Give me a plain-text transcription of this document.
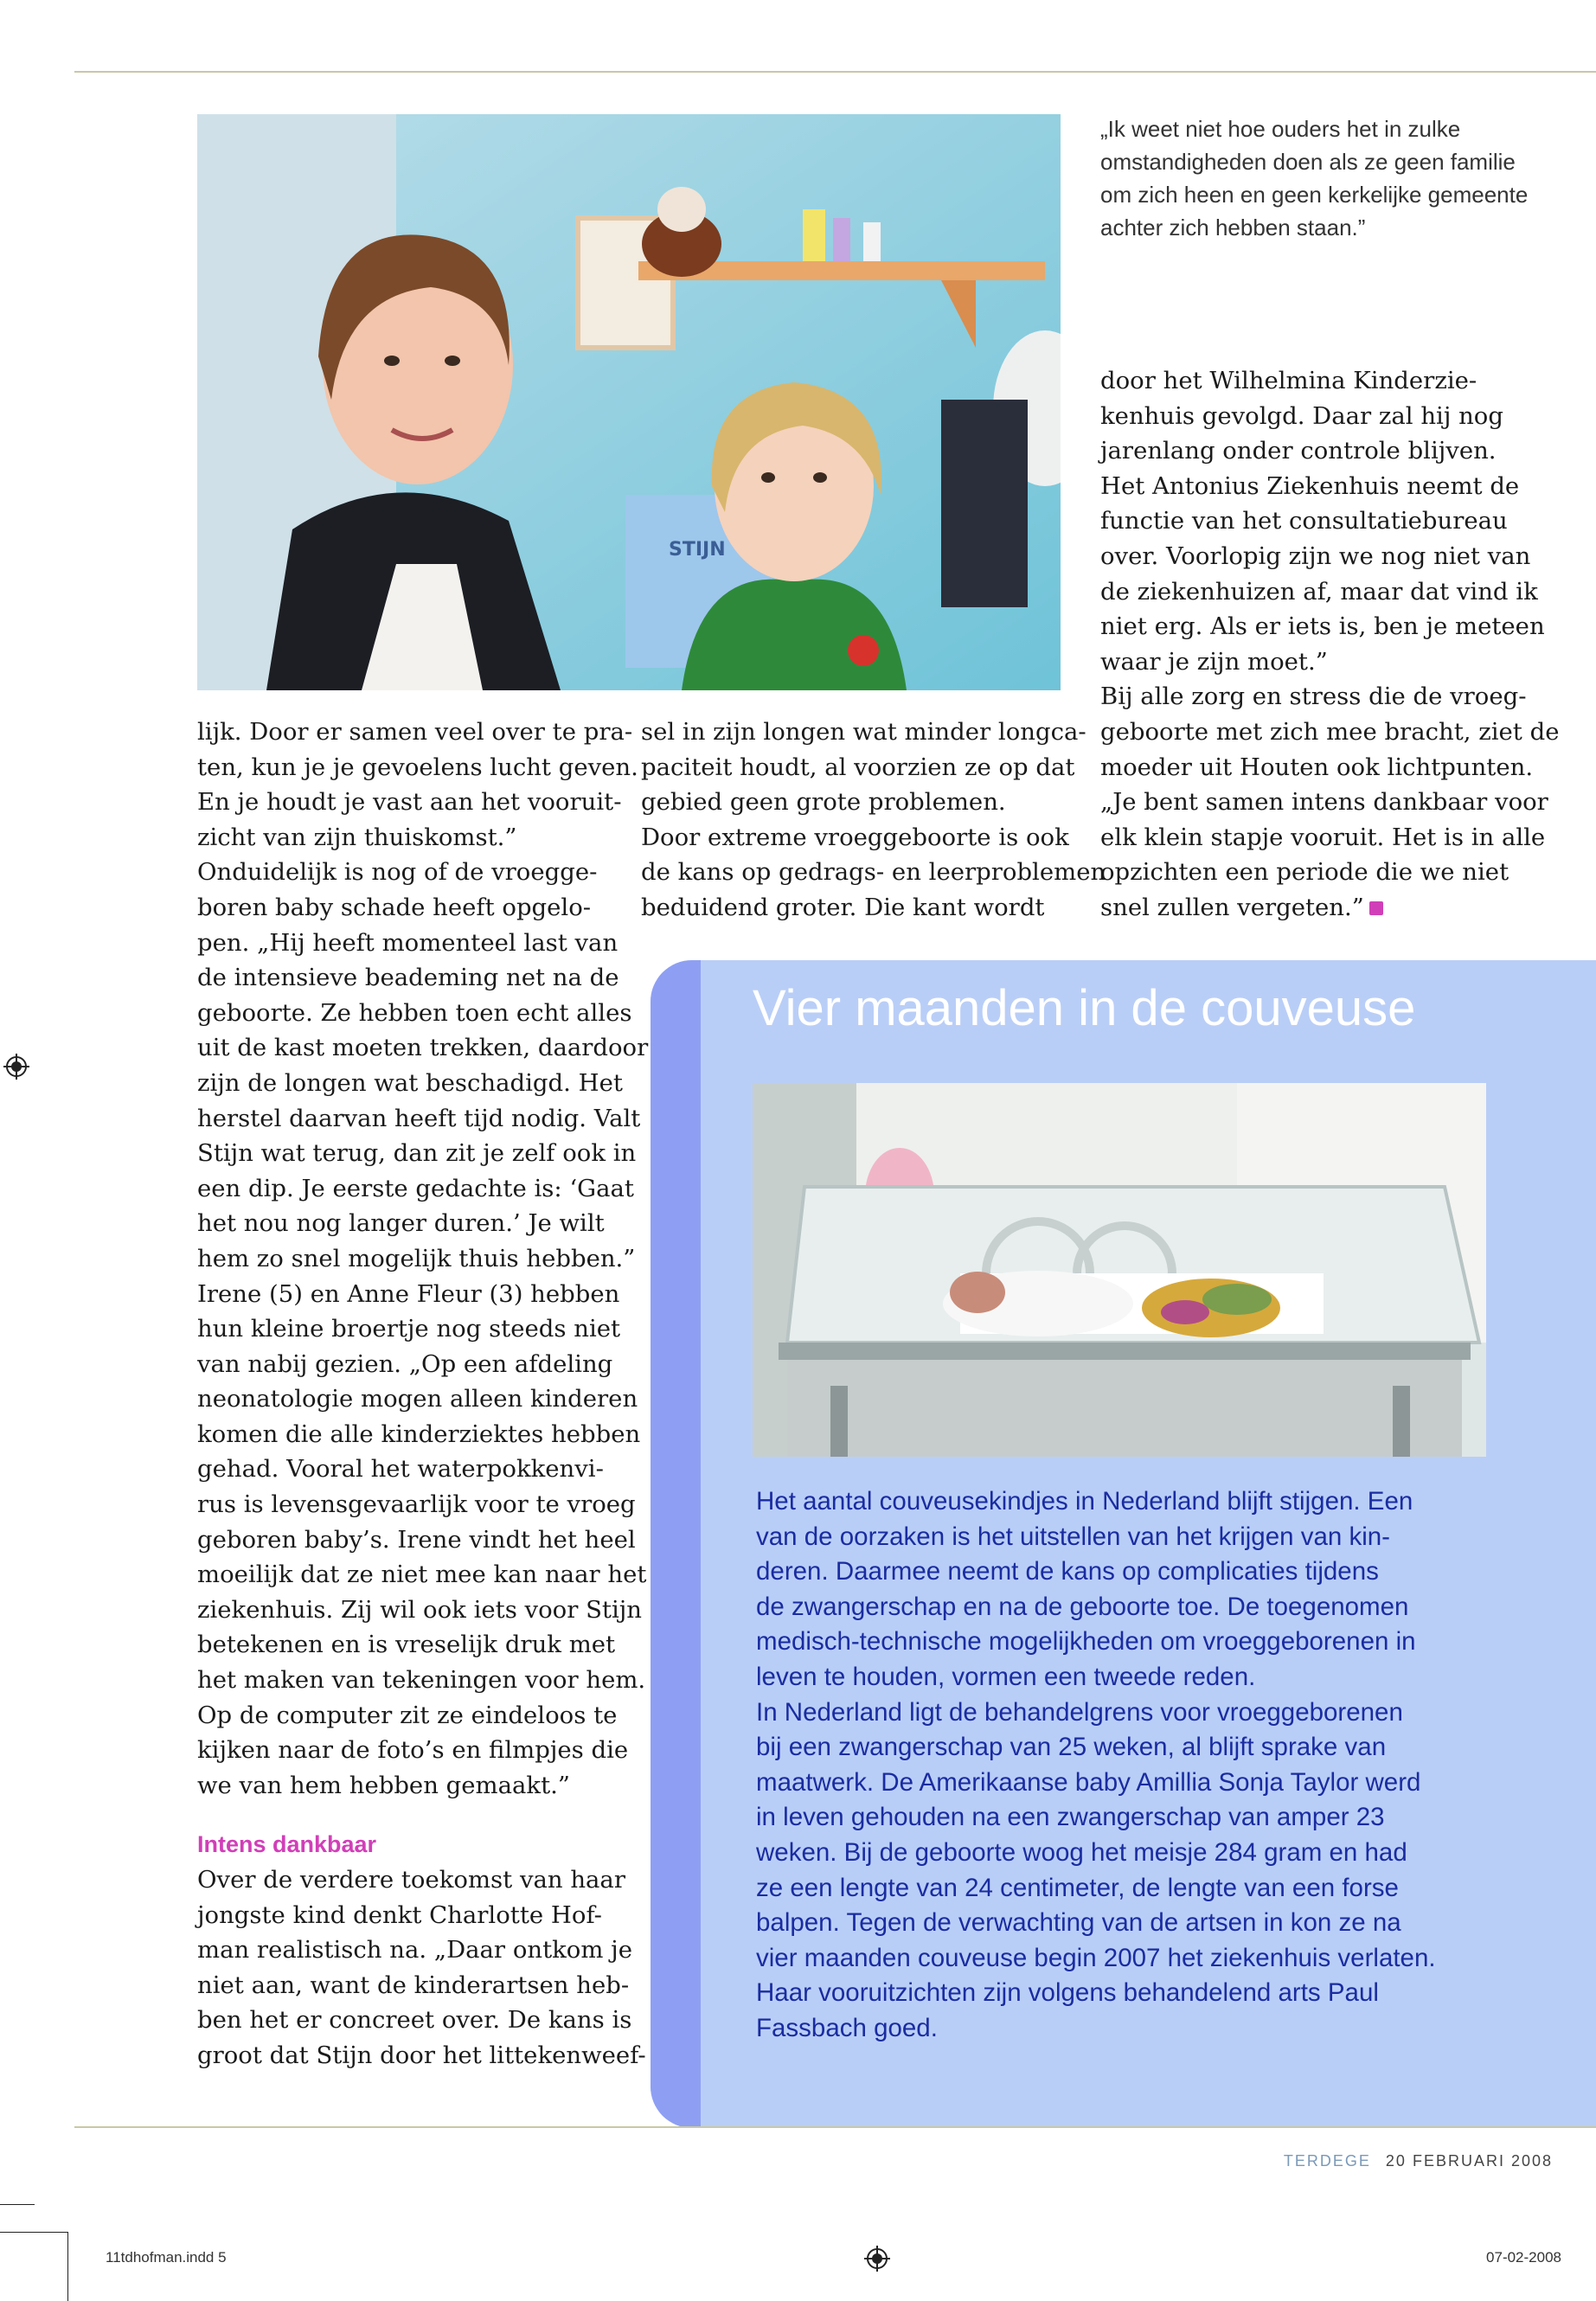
STIJN
„Ik weet niet hoe ouders het in zulke omstandigheden doen als ze geen familie om zich heen en geen kerkelijke gemeente achter zich hebben staan.”
lijk. Door er samen veel over te pra-
ten, kun je je gevoelens lucht geven.
En je houdt je vast aan het vooruit-
zicht van zijn thuiskomst.”
Onduidelijk is nog of de vroegge-
boren baby schade heeft opgelo-
pen. „Hij heeft momenteel last van
de intensieve beademing net na de
geboorte. Ze hebben toen echt alles
uit de kast moeten trekken, daardoor
zijn de longen wat beschadigd. Het
herstel daarvan heeft tijd nodig. Valt
Stijn wat terug, dan zit je zelf ook in
een dip. Je eerste gedachte is: ‘Gaat
het nou nog langer duren.’ Je wilt
hem zo snel mogelijk thuis hebben.”
Irene (5) en Anne Fleur (3) hebben
hun kleine broertje nog steeds niet
van nabij gezien. „Op een afdeling
neonatologie mogen alleen kinderen
komen die alle kinderziektes hebben
gehad. Vooral het waterpokkenvi-
rus is levensgevaarlijk voor te vroeg
geboren baby’s. Irene vindt het heel
moeilijk dat ze niet mee kan naar het
ziekenhuis. Zij wil ook iets voor Stijn
betekenen en is vreselijk druk met
het maken van tekeningen voor hem.
Op de computer zit ze eindeloos te
kijken naar de foto’s en filmpjes die
we van hem hebben gemaakt.”
Intens dankbaar
Over de verdere toekomst van haar
jongste kind denkt Charlotte Hof-
man realistisch na. „Daar ontkom je
niet aan, want de kinderartsen heb-
ben het er concreet over. De kans is
groot dat Stijn door het littekenweef-
sel in zijn longen wat minder longca-
paciteit houdt, al voorzien ze op dat
gebied geen grote problemen.
Door extreme vroeggeboorte is ook
de kans op gedrags- en leerproblemen
beduidend groter. Die kant wordt
door het Wilhelmina Kinderzie-
kenhuis gevolgd. Daar zal hij nog
jarenlang onder controle blijven.
Het Antonius Ziekenhuis neemt de
functie van het consultatiebureau
over. Voorlopig zijn we nog niet van
de ziekenhuizen af, maar dat vind ik
niet erg. Als er iets is, ben je meteen
waar je zijn moet.”
Bij alle zorg en stress die de vroeg-
geboorte met zich mee bracht, ziet de
moeder uit Houten ook lichtpunten.
„Je bent samen intens dankbaar voor
elk klein stapje vooruit. Het is in alle
opzichten een periode die we niet
snel zullen vergeten.”
Vier maanden in de couveuse
Het aantal couveusekindjes in Nederland blijft stijgen. Een
van de oorzaken is het uitstellen van het krijgen van kin-
deren. Daarmee neemt de kans op complicaties tijdens
de zwangerschap en na de geboorte toe. De toegenomen
medisch-technische mogelijkheden om vroeggeborenen in
leven te houden, vormen een tweede reden.
In Nederland ligt de behandelgrens voor vroeggeborenen
bij een zwangerschap van 25 weken, al blijft sprake van
maatwerk. De Amerikaanse baby Amillia Sonja Taylor werd
in leven gehouden na een zwangerschap van amper 23
weken. Bij de geboorte woog het meisje 284 gram en had
ze een lengte van 24 centimeter, de lengte van een forse
balpen. Tegen de verwachting van de artsen in kon ze na
vier maanden couveuse begin 2007 het ziekenhuis verlaten.
Haar vooruitzichten zijn volgens behandelend arts Paul
Fassbach goed.
TERDEGE 20 FEBRUARI 2008
11tdhofman.indd 5	07-02-2008
